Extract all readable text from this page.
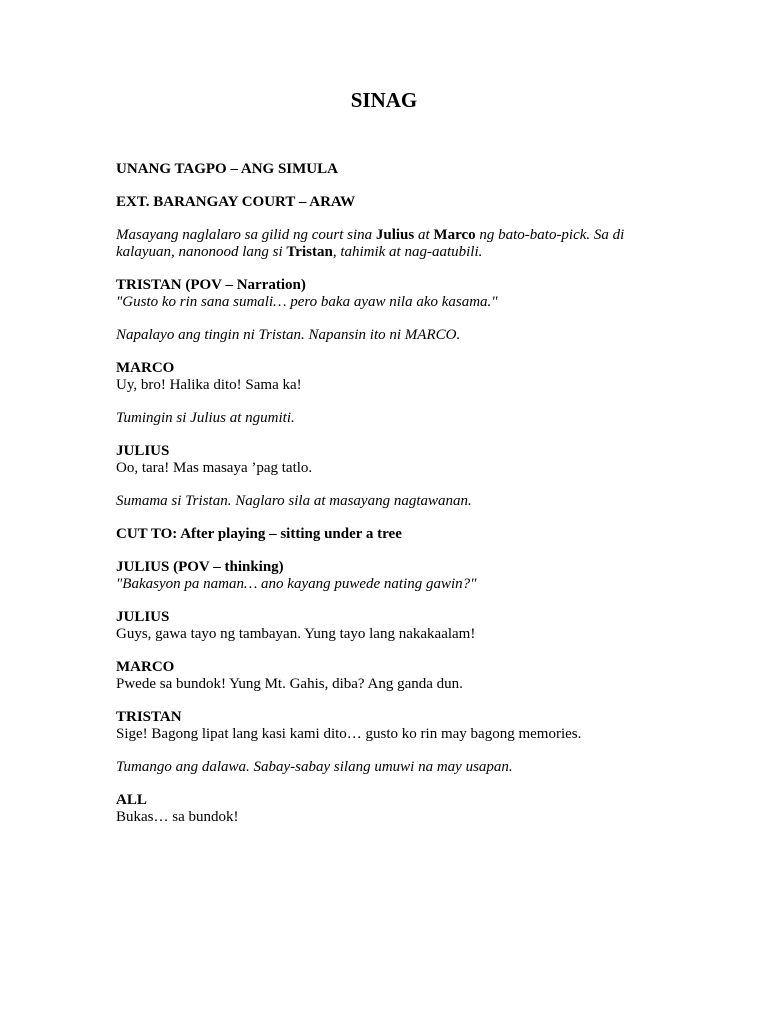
SINAG
UNANG TAGPO – ANG SIMULA
EXT. BARANGAY COURT – ARAW
Masayang naglalaro sa gilid ng court sina Julius at Marco ng bato-bato-pick. Sa di
kalayuan, nanonood lang si Tristan, tahimik at nag-aatubili.
TRISTAN (POV – Narration)
"Gusto ko rin sana sumali… pero baka ayaw nila ako kasama."
Napalayo ang tingin ni Tristan. Napansin ito ni MARCO.
MARCO
Uy, bro! Halika dito! Sama ka!
Tumingin si Julius at ngumiti.
JULIUS
Oo, tara! Mas masaya ’pag tatlo.
Sumama si Tristan. Naglaro sila at masayang nagtawanan.
CUT TO: After playing – sitting under a tree
JULIUS (POV – thinking)
"Bakasyon pa naman… ano kayang puwede nating gawin?"
JULIUS
Guys, gawa tayo ng tambayan. Yung tayo lang nakakaalam!
MARCO
Pwede sa bundok! Yung Mt. Gahis, diba? Ang ganda dun.
TRISTAN
Sige! Bagong lipat lang kasi kami dito… gusto ko rin may bagong memories.
Tumango ang dalawa. Sabay-sabay silang umuwi na may usapan.
ALL
Bukas… sa bundok!
